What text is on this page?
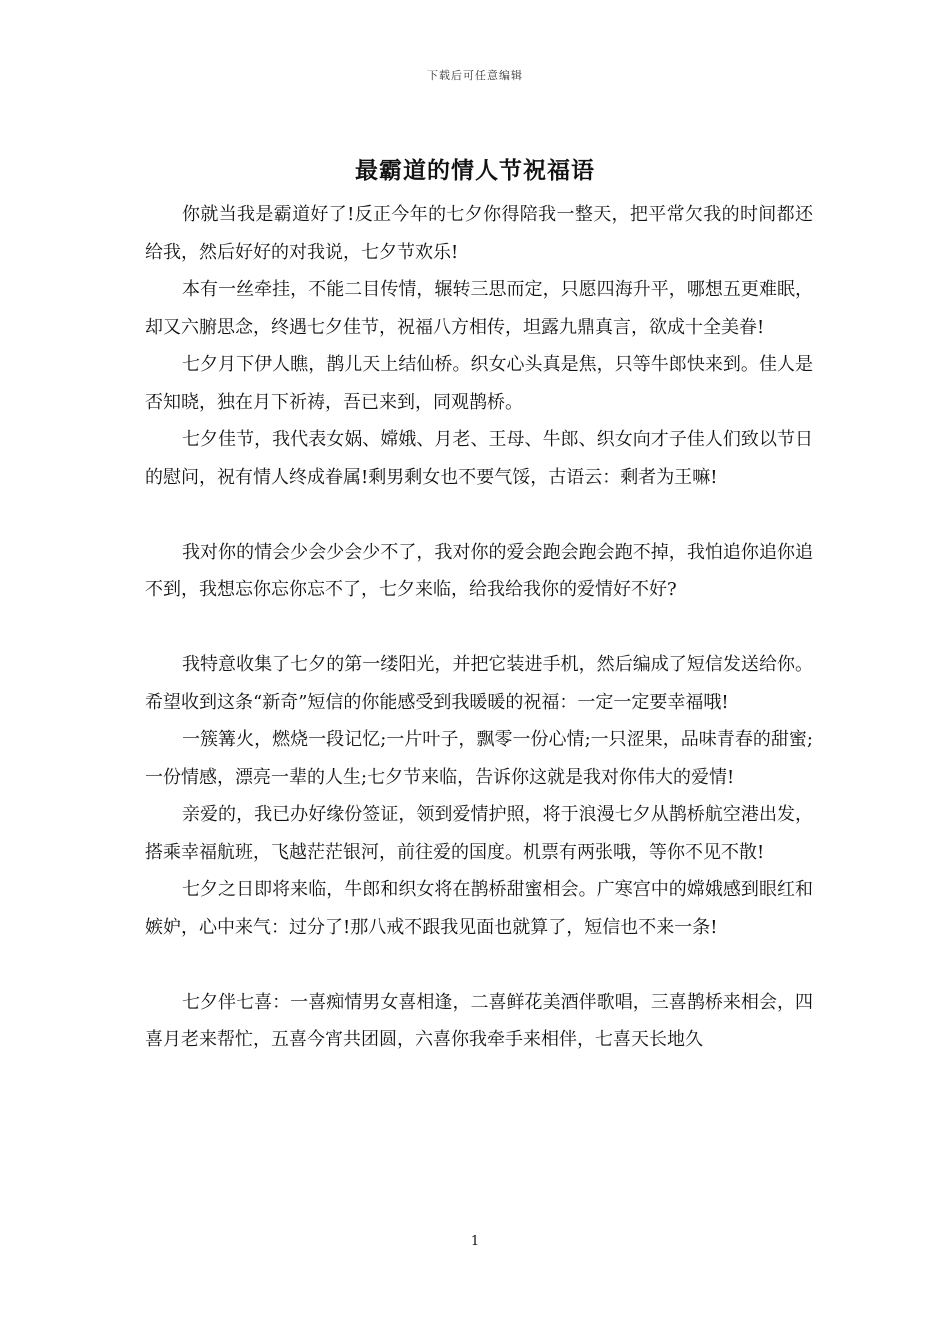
下载后可任意编辑
最霸道的情人节祝福语

你就当我是霸道好了!反正今年的七夕你得陪我一整天，把平常欠我的时间都还给我，然后好好的对我说，七夕节欢乐!

本有一丝牵挂，不能二目传情，辗转三思而定，只愿四海升平，哪想五更难眠，却又六腑思念，终遇七夕佳节，祝福八方相传，坦露九鼎真言，欲成十全美眷!

七夕月下伊人瞧，鹊儿天上结仙桥。织女心头真是焦，只等牛郎快来到。佳人是否知晓，独在月下祈祷，吾已来到，同观鹊桥。

七夕佳节，我代表女娲、嫦娥、月老、王母、牛郎、织女向才子佳人们致以节日的慰问，祝有情人终成眷属!剩男剩女也不要气馁，古语云：剩者为王嘛!

我对你的情会少会少会少不了，我对你的爱会跑会跑会跑不掉，我怕追你追你追不到，我想忘你忘你忘不了，七夕来临，给我给我你的爱情好不好?

我特意收集了七夕的第一缕阳光，并把它装进手机，然后编成了短信发送给你。希望收到这条“新奇”短信的你能感受到我暖暖的祝福：一定一定要幸福哦!

一簇篝火，燃烧一段记忆;一片叶子，飘零一份心情;一只涩果，品味青春的甜蜜;一份情感，漂亮一辈的人生;七夕节来临，告诉你这就是我对你伟大的爱情!

亲爱的，我已办好缘份签证，领到爱情护照，将于浪漫七夕从鹊桥航空港出发，搭乘幸福航班，飞越茫茫银河，前往爱的国度。机票有两张哦，等你不见不散!

七夕之日即将来临，牛郎和织女将在鹊桥甜蜜相会。广寒宫中的嫦娥感到眼红和嫉妒，心中来气：过分了!那八戒不跟我见面也就算了，短信也不来一条!

七夕伴七喜：一喜痴情男女喜相逢，二喜鲜花美酒伴歌唱，三喜鹊桥来相会，四喜月老来帮忙，五喜今宵共团圆，六喜你我牵手来相伴，七喜天长地久

1
